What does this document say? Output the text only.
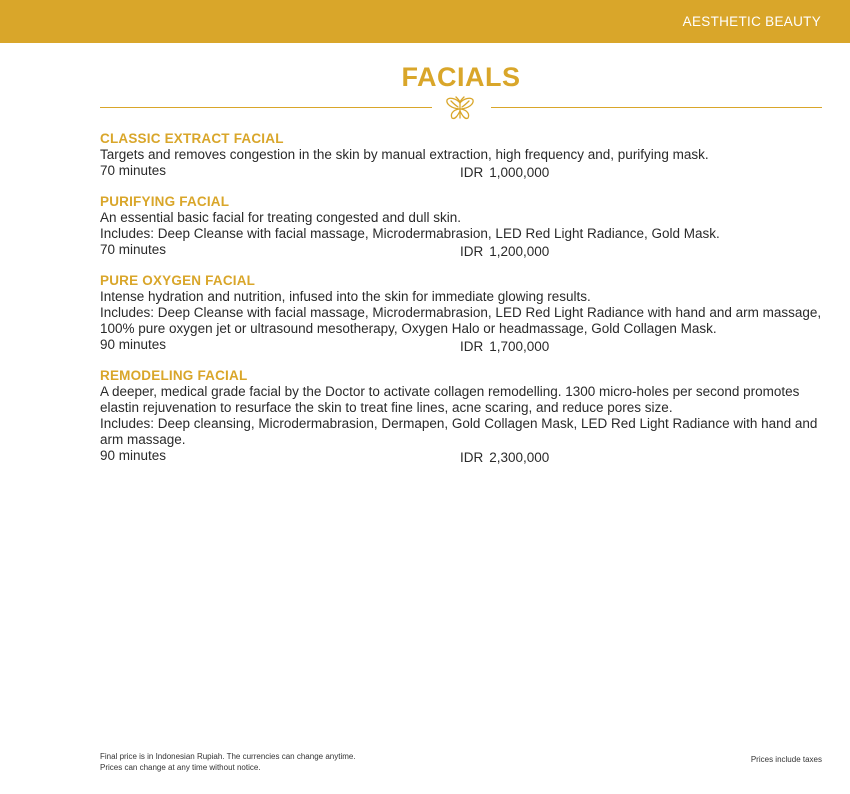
AESTHETIC BEAUTY
FACIALS
CLASSIC EXTRACT FACIAL
Targets and removes congestion in the skin by manual extraction, high frequency and, purifying mask.
70 minutes	IDR 1,000,000
PURIFYING FACIAL
An essential basic facial for treating congested and dull skin.
Includes: Deep Cleanse with facial massage, Microdermabrasion, LED Red Light Radiance, Gold Mask.
70 minutes	IDR 1,200,000
PURE OXYGEN FACIAL
Intense hydration and nutrition, infused into the skin for immediate glowing results.
Includes: Deep Cleanse with facial massage, Microdermabrasion, LED Red Light Radiance with hand and arm massage, 100% pure oxygen jet or ultrasound mesotherapy, Oxygen Halo or headmassage, Gold Collagen Mask.
90 minutes	IDR 1,700,000
REMODELING FACIAL
A deeper, medical grade facial by the Doctor to activate collagen remodelling. 1300 micro-holes per second promotes elastin rejuvenation to resurface the skin to treat fine lines, acne scaring, and reduce pores size.
Includes: Deep cleansing, Microdermabrasion, Dermapen, Gold Collagen Mask, LED Red Light Radiance with hand and arm massage.
90 minutes	IDR 2,300,000
Final price is in Indonesian Rupiah. The currencies can change anytime.
Prices can change at any time without notice.
Prices include taxes
